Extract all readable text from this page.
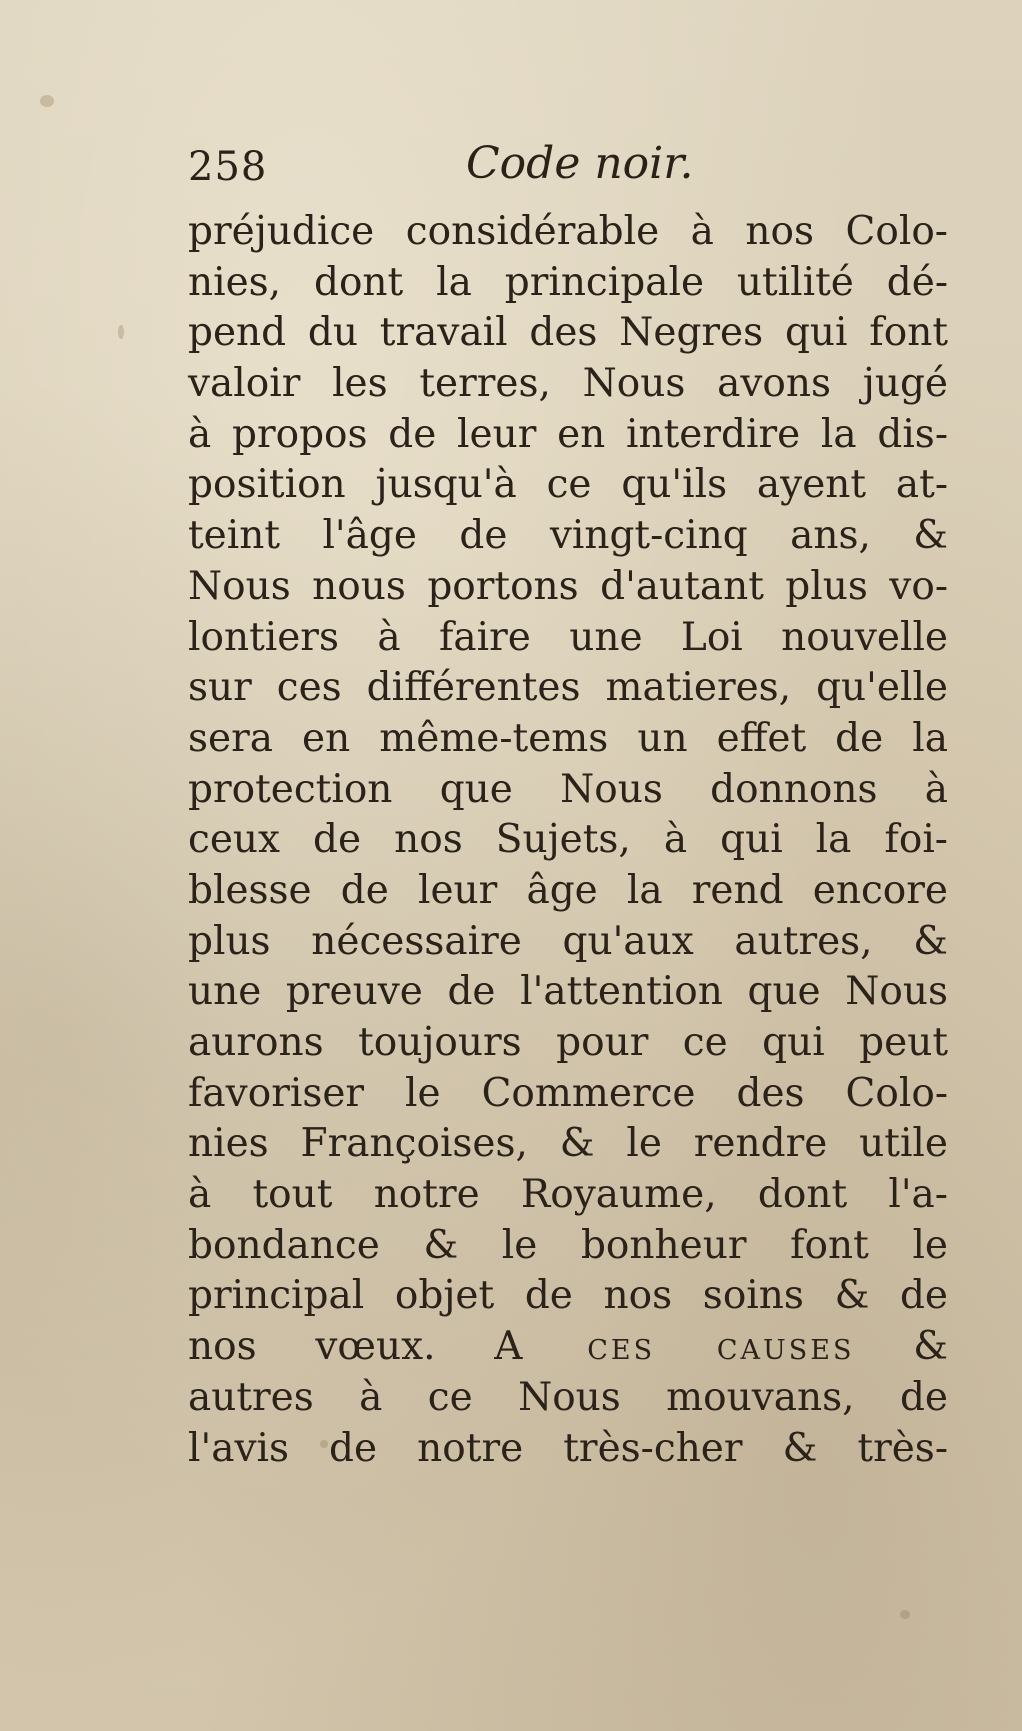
258	Code noir.
préjudice considérable à nos Colo-
nies, dont la principale utilité dé-
pend du travail des Negres qui font
valoir les terres, Nous avons jugé
à propos de leur en interdire la dis-
position jusqu'à ce qu'ils ayent at-
teint l'âge de vingt-cinq ans, &
Nous nous portons d'autant plus vo-
lontiers à faire une Loi nouvelle
sur ces différentes matieres, qu'elle
sera en même-tems un effet de la
protection que Nous donnons à
ceux de nos Sujets, à qui la foi-
blesse de leur âge la rend encore
plus nécessaire qu'aux autres, &
une preuve de l'attention que Nous
aurons toujours pour ce qui peut
favoriser le Commerce des Colo-
nies Françoises, & le rendre utile
à tout notre Royaume, dont l'a-
bondance & le bonheur font le
principal objet de nos soins & de
nos vœux. A ces causes &
autres à ce Nous mouvans, de
l'avis de notre très-cher & très-
